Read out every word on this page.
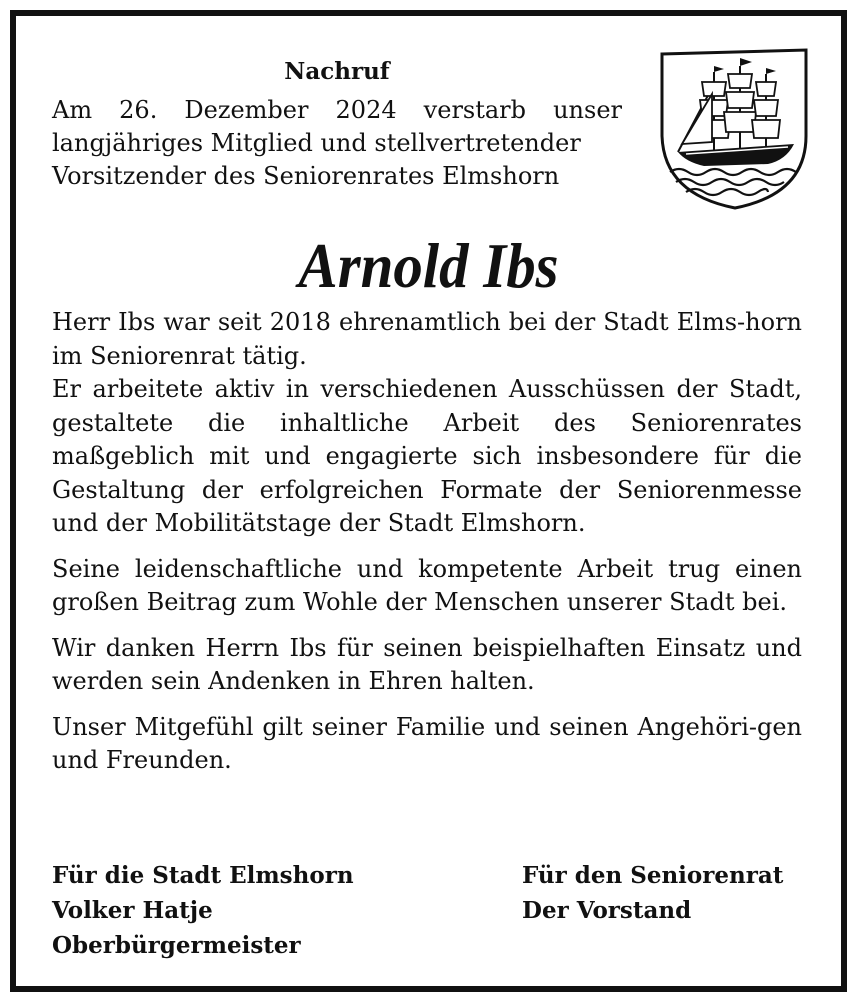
Nachruf
Am 26. Dezember 2024 verstarb unser
langjähriges Mitglied und stellvertretender
Vorsitzender des Seniorenrates Elmshorn
Arnold Ibs

Herr Ibs war seit 2018 ehrenamtlich bei der Stadt Elms-horn im Seniorenrat tätig.

Er arbeitete aktiv in verschiedenen Ausschüssen der Stadt, gestaltete die inhaltliche Arbeit des Seniorenrates maßgeblich mit und engagierte sich insbesondere für die Gestaltung der erfolgreichen Formate der Seniorenmesse und der Mobilitätstage der Stadt Elmshorn.

Seine leidenschaftliche und kompetente Arbeit trug einen großen Beitrag zum Wohle der Menschen unserer Stadt bei.

Wir danken Herrn Ibs für seinen beispielhaften Einsatz und werden sein Andenken in Ehren halten.

Unser Mitgefühl gilt seiner Familie und seinen Angehöri-gen und Freunden.

Für die Stadt Elmshorn
Volker Hatje
Oberbürgermeister
Für den Seniorenrat
Der Vorstand
